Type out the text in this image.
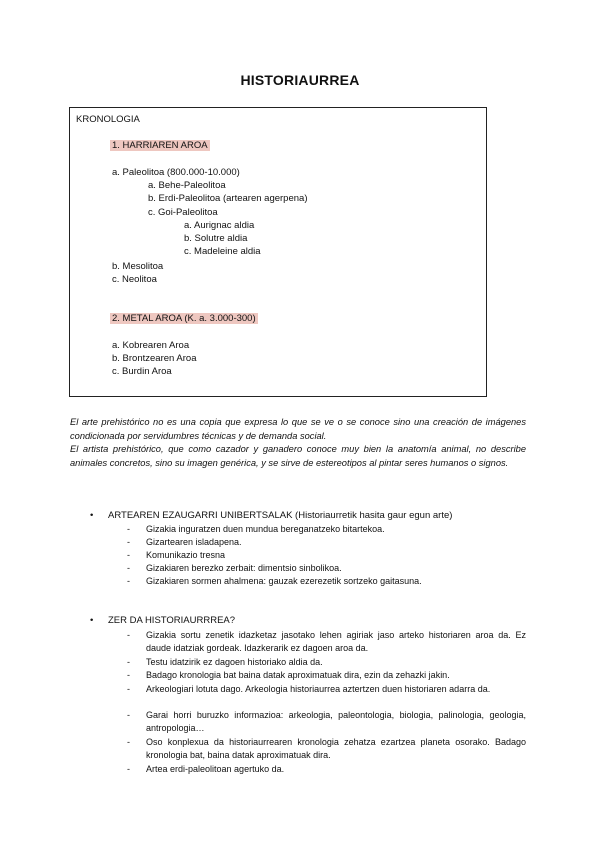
HISTORIAURREA
KRONOLOGIA
1. HARRIAREN AROA
a. Paleolitoa (800.000-10.000)
a. Behe-Paleolitoa
b. Erdi-Paleolitoa (artearen agerpena)
c. Goi-Paleolitoa
a. Aurignac aldia
b. Solutre aldia
c. Madeleine aldia
b. Mesolitoa
c. Neolitoa
2. METAL AROA (K. a. 3.000-300)
a. Kobrearen Aroa
b. Brontzearen Aroa
c. Burdin Aroa
El arte prehistórico no es una copia que expresa lo que se ve o se conoce sino una creación de imágenes condicionada por servidumbres técnicas y de demanda social.
El artista prehistórico, que como cazador y ganadero conoce muy bien la anatomía animal, no describe animales concretos, sino su imagen genérica, y se sirve de estereotipos al pintar seres humanos o signos.
• ARTEAREN EZAUGARRI UNIBERTSALAK (Historiaurretik hasita gaur egun arte)
- Gizakia inguratzen duen mundua bereganatzeko bitartekoa.
- Gizartearen isladapena.
- Komunikazio tresna
- Gizakiaren berezko zerbait: dimentsio sinbolikoa.
- Gizakiaren sormen ahalmena: gauzak ezerezetik sortzeko gaitasuna.
• ZER DA HISTORIAURRREA?
- Gizakia sortu zenetik idazketaz jasotako lehen agiriak jaso arteko historiaren aroa da. Ez daude idatziak gordeak. Idazkerarik ez dagoen aroa da.
- Testu idatzirik ez dagoen historiako aldia da.
- Badago kronologia bat baina datak aproximatuak dira, ezin da zehazki jakin.
- Arkeologiari lotuta dago. Arkeologia historiaurrea aztertzen duen historiaren adarra da.
- Garai horri buruzko informazioa: arkeologia, paleontologia, biologia, palinologia, geologia, antropologia…
- Oso konplexua da historiaurrearen kronologia zehatza ezartzea planeta osorako. Badago kronologia bat, baina datak aproximatuak dira.
- Artea erdi-paleolitoan agertuko da.
